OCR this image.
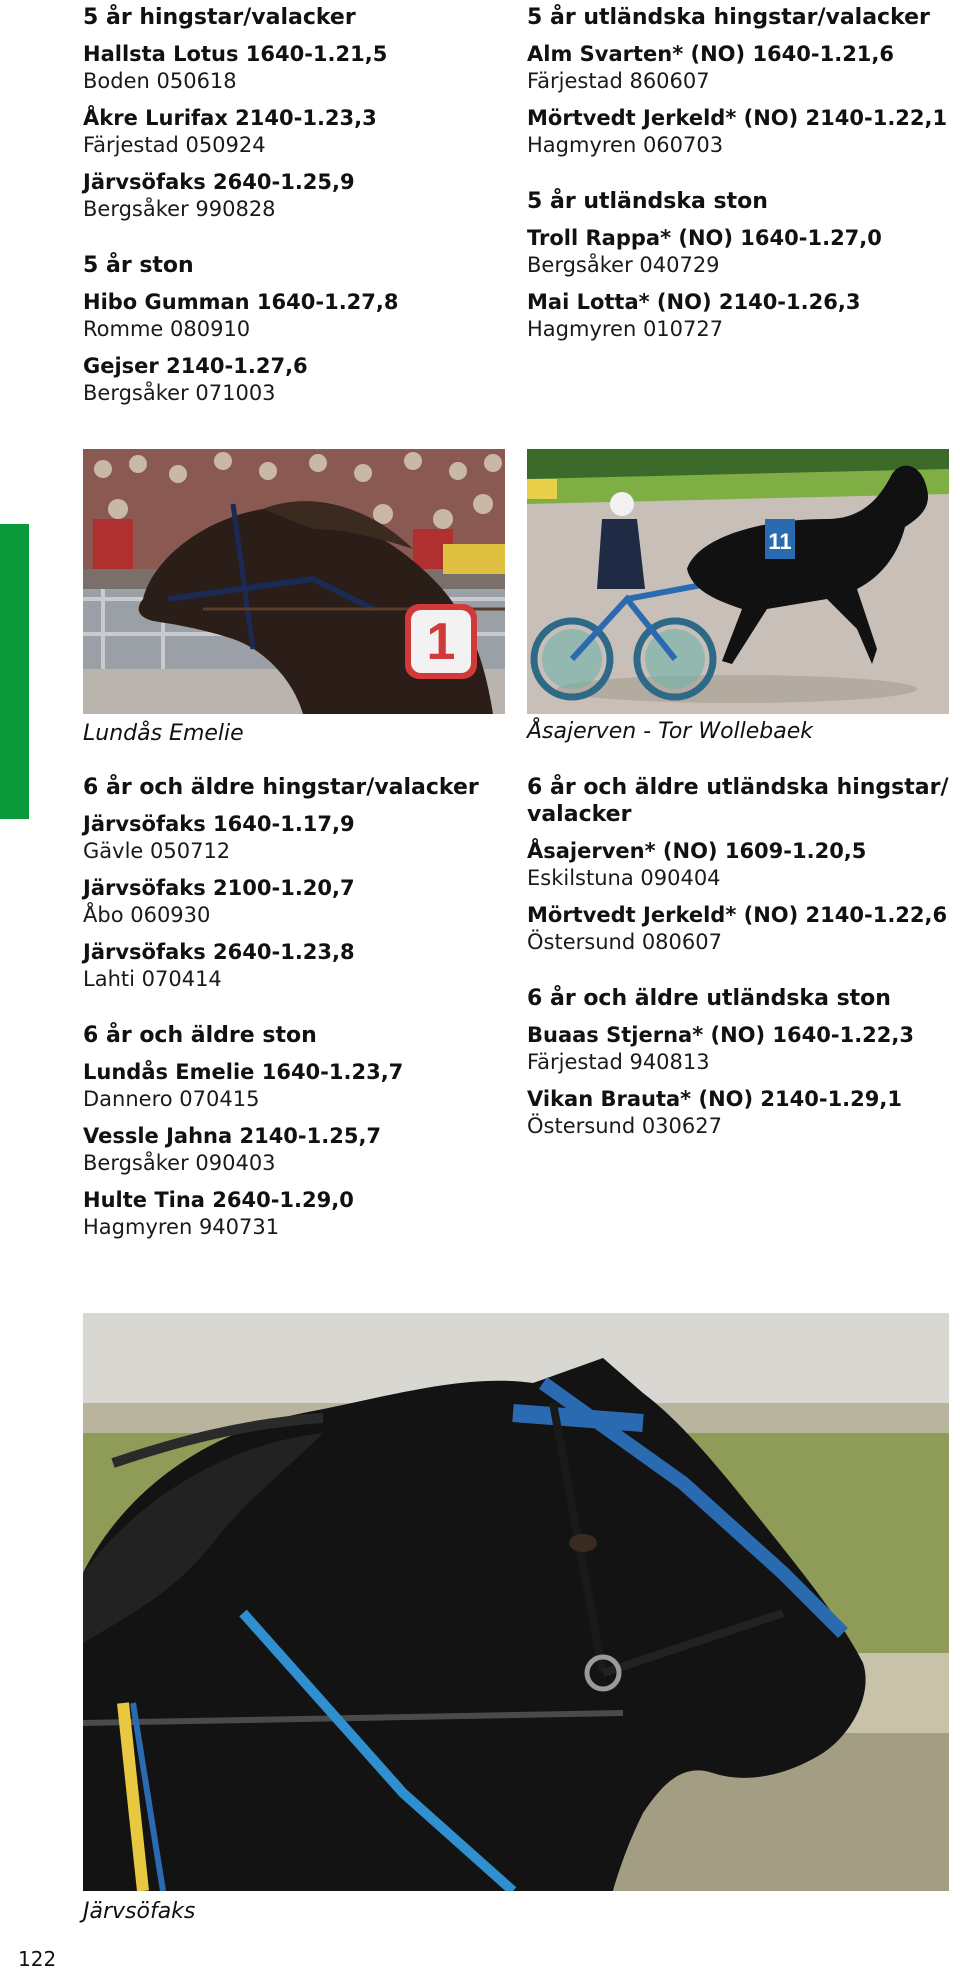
5 år hingstar/valacker
Hallsta Lotus 1640-1.21,5
Boden 050618
Åkre Lurifax 2140-1.23,3
Färjestad 050924
Järvsöfaks 2640-1.25,9
Bergsåker 990828
5 år ston
Hibo Gumman 1640-1.27,8
Romme 080910
Gejser 2140-1.27,6
Bergsåker 071003
5 år utländska hingstar/valacker
Alm Svarten* (NO) 1640-1.21,6
Färjestad 860607
Mörtvedt Jerkeld* (NO) 2140-1.22,1
Hagmyren 060703
5 år utländska ston
Troll Rappa* (NO) 1640-1.27,0
Bergsåker 040729
Mai Lotta* (NO) 2140-1.26,3
Hagmyren 010727
1
11
Lundås Emelie	Åsajerven - Tor Wollebaek
6 år och äldre hingstar/valacker
Järvsöfaks 1640-1.17,9
Gävle 050712
Järvsöfaks 2100-1.20,7
Åbo 060930
Järvsöfaks 2640-1.23,8
Lahti 070414
6 år och äldre ston
Lundås Emelie 1640-1.23,7
Dannero 070415
Vessle Jahna 2140-1.25,7
Bergsåker 090403
Hulte Tina 2640-1.29,0
Hagmyren 940731
6 år och äldre utländska hingstar/ valacker
Åsajerven* (NO) 1609-1.20,5
Eskilstuna 090404
Mörtvedt Jerkeld* (NO) 2140-1.22,6
Östersund 080607
6 år och äldre utländska ston
Buaas Stjerna* (NO) 1640-1.22,3
Färjestad 940813
Vikan Brauta* (NO) 2140-1.29,1
Östersund 030627
Järvsöfaks
122
